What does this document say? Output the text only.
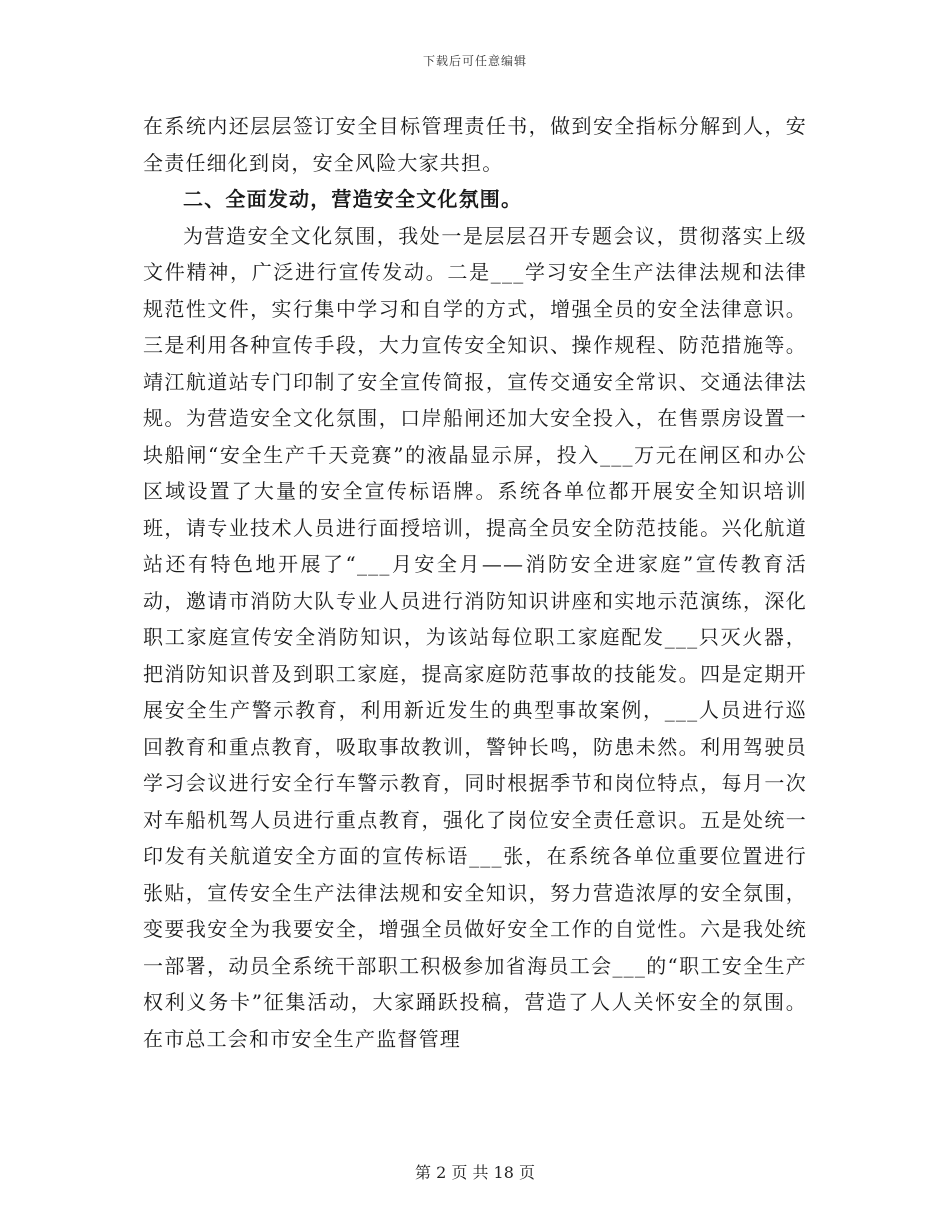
下载后可任意编辑

在系统内还层层签订安全目标管理责任书，做到安全指标分解到人，安全责任细化到岗，安全风险大家共担。

二、全面发动，营造安全文化氛围。

为营造安全文化氛围，我处一是层层召开专题会议，贯彻落实上级文件精神，广泛进行宣传发动。二是___学习安全生产法律法规和法律规范性文件，实行集中学习和自学的方式，增强全员的安全法律意识。三是利用各种宣传手段，大力宣传安全知识、操作规程、防范措施等。靖江航道站专门印制了安全宣传简报，宣传交通安全常识、交通法律法规。为营造安全文化氛围，口岸船闸还加大安全投入，在售票房设置一块船闸“安全生产千天竞赛”的液晶显示屏，投入___万元在闸区和办公区域设置了大量的安全宣传标语牌。系统各单位都开展安全知识培训班，请专业技术人员进行面授培训，提高全员安全防范技能。兴化航道站还有特色地开展了“___月安全月——消防安全进家庭”宣传教育活动，邀请市消防大队专业人员进行消防知识讲座和实地示范演练，深化职工家庭宣传安全消防知识，为该站每位职工家庭配发___只灭火器，把消防知识普及到职工家庭，提高家庭防范事故的技能发。四是定期开展安全生产警示教育，利用新近发生的典型事故案例，___人员进行巡回教育和重点教育，吸取事故教训，警钟长鸣，防患未然。利用驾驶员学习会议进行安全行车警示教育，同时根据季节和岗位特点，每月一次对车船机驾人员进行重点教育，强化了岗位安全责任意识。五是处统一印发有关航道安全方面的宣传标语___张，在系统各单位重要位置进行张贴，宣传安全生产法律法规和安全知识，努力营造浓厚的安全氛围，变要我安全为我要安全，增强全员做好安全工作的自觉性。六是我处统一部署，动员全系统干部职工积极参加省海员工会___的“职工安全生产权利义务卡”征集活动，大家踊跃投稿，营造了人人关怀安全的氛围。在市总工会和市安全生产监督管理

第 2 页 共 18 页
